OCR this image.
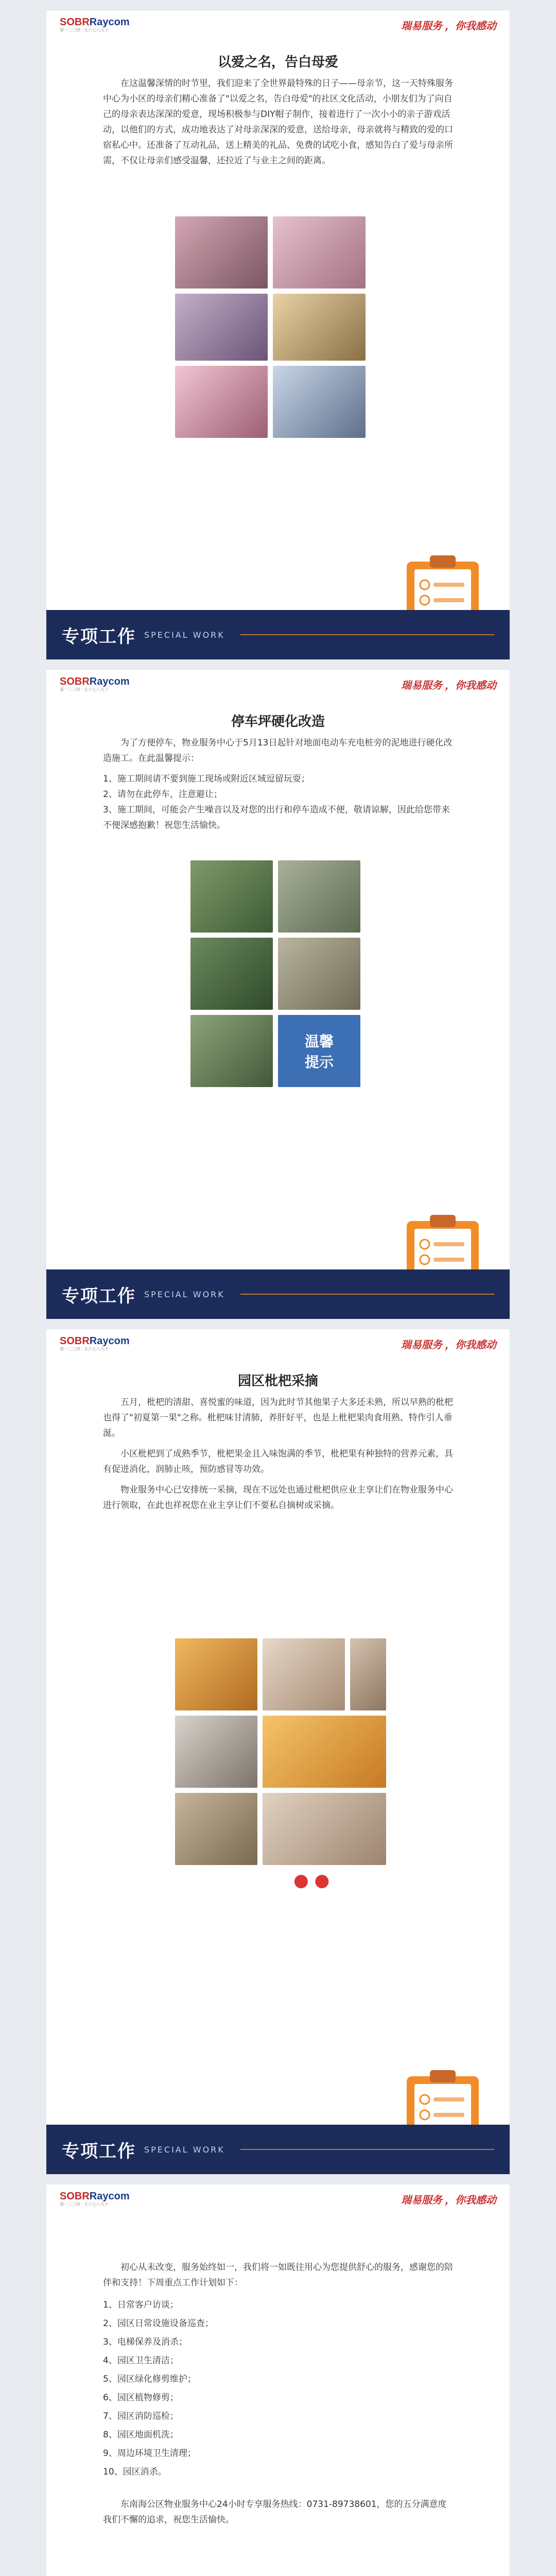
SOBRRaycom
第一二三四 · 五六七八九十	瑞易服务 ，你我感动
以爱之名，告白母爱

在这温馨深情的时节里，我们迎来了全世界最特殊的日子——母亲节，这一天特殊服务中心为小区的母亲们精心准备了"以爱之名，告白母爱"的社区文化活动，小朋友们为了向自己的母亲表达深深的爱意，现场积极参与DIY帽子制作，接着进行了一次小小的亲子游戏活动，以他们的方式，成功地表达了对母亲深深的爱意，送给母亲，母亲就将与精致的爱的口宿私心中。还准备了互动礼品，送上精美的礼品、免费的试吃小食，感知告白了爱与母亲所需，不仅让母亲们感受温馨，还拉近了与业主之间的距离。

专项工作 SPECIAL WORK
SOBRRaycom
第一二三四 · 五六七八九十	瑞易服务 ，你我感动
停车坪硬化改造

为了方便停车，物业服务中心于5月13日起针对地面电动车充电桩旁的泥地进行硬化改造施工。在此温馨提示：

1、施工期间请不要到施工现场或附近区域逗留玩耍；
2、请勿在此停车，注意避让；
3、施工期间，可能会产生噪音以及对您的出行和停车造成不便，敬请谅解，因此给您带来不便深感抱歉！祝您生活愉快。
温馨
提示
专项工作 SPECIAL WORK
SOBRRaycom
第一二三四 · 五六七八九十	瑞易服务 ，你我感动
园区枇杷采摘

五月，枇杷的清甜、喜悦蜜的味道，因为此时节其他果子大多还未熟，所以早熟的枇杷也得了"初夏第一果"之称。枇杷味甘清肺，养肝好平，也是上枇杷果肉食用熟、特作引人垂涎。

小区枇杷到了成熟季节，枇杷果金且入味饱满的季节，枇杷果有种独特的营养元素，具有促进消化，润肺止咳，预防感冒等功效。

物业服务中心已安排统一采摘，现在不远处也通过枇杷供应业主享让们在物业服务中心进行领取，在此也祥祝您在业主享让们不要私自摘树或采摘。

● ●
专项工作 SPECIAL WORK
SOBRRaycom
第一二三四 · 五六七八九十	瑞易服务 ，你我感动

初心从未改变，服务始终如一，我们将一如既往用心为您提供舒心的服务，感谢您的陪伴和支持！下周重点工作计划如下：

1、日常客户访谈；
2、园区日常设施设备巡查；
3、电梯保养及消杀；
4、园区卫生清洁；
5、园区绿化修剪维护；
6、园区植物修剪；
7、园区消防巡检；
8、园区地面机洗；
9、周边环境卫生清理；
10、园区消杀。

东南海公区物业服务中心24小时专享服务热线：0731-89738601，您的五分满意度我们不懈的追求，祝您生活愉快。
